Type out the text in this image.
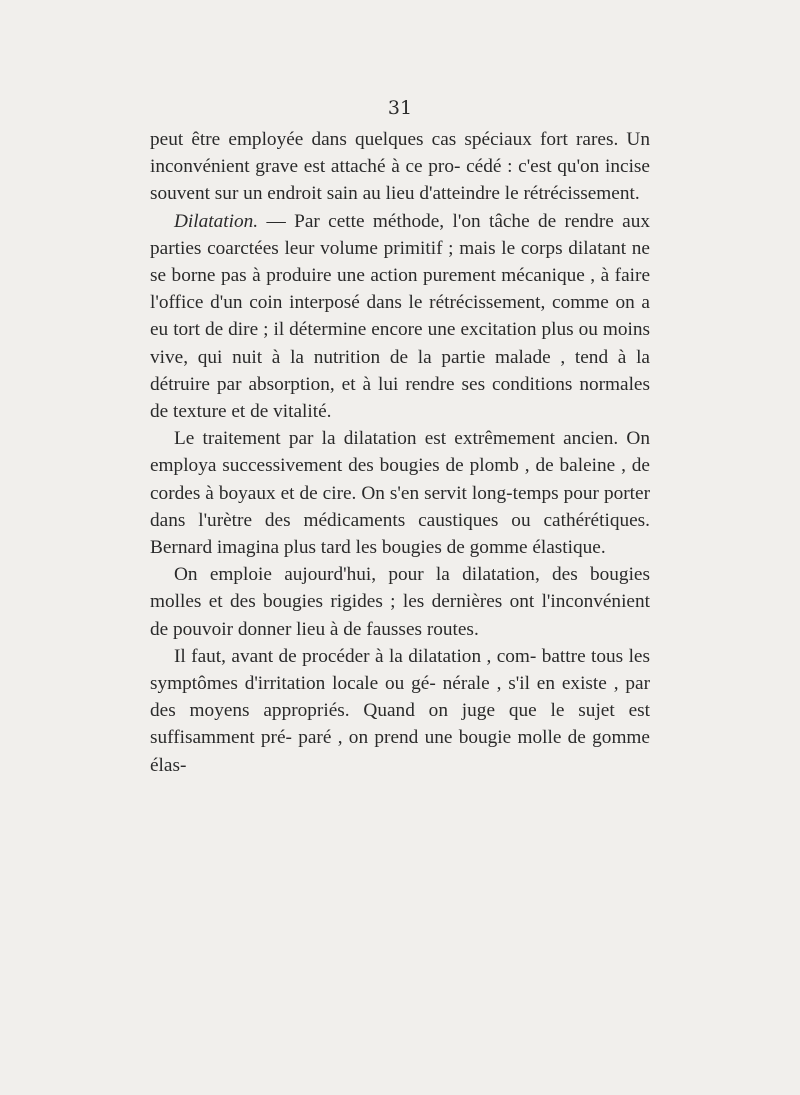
31

peut être employée dans quelques cas spéciaux fort rares. Un inconvénient grave est attaché à ce pro- cédé : c'est qu'on incise souvent sur un endroit sain au lieu d'atteindre le rétrécissement.

Dilatation. — Par cette méthode, l'on tâche de rendre aux parties coarctées leur volume primitif ; mais le corps dilatant ne se borne pas à produire une action purement mécanique , à faire l'office d'un coin interposé dans le rétrécissement, comme on a eu tort de dire ; il détermine encore une excitation plus ou moins vive, qui nuit à la nutrition de la partie malade , tend à la détruire par absorption, et à lui rendre ses conditions normales de texture et de vitalité.

Le traitement par la dilatation est extrêmement ancien. On employa successivement des bougies de plomb , de baleine , de cordes à boyaux et de cire. On s'en servit long-temps pour porter dans l'urètre des médicaments caustiques ou cathérétiques. Bernard imagina plus tard les bougies de gomme élastique.

On emploie aujourd'hui, pour la dilatation, des bougies molles et des bougies rigides ; les dernières ont l'inconvénient de pouvoir donner lieu à de fausses routes.

Il faut, avant de procéder à la dilatation , com- battre tous les symptômes d'irritation locale ou gé- nérale , s'il en existe , par des moyens appropriés. Quand on juge que le sujet est suffisamment pré- paré , on prend une bougie molle de gomme élas-
